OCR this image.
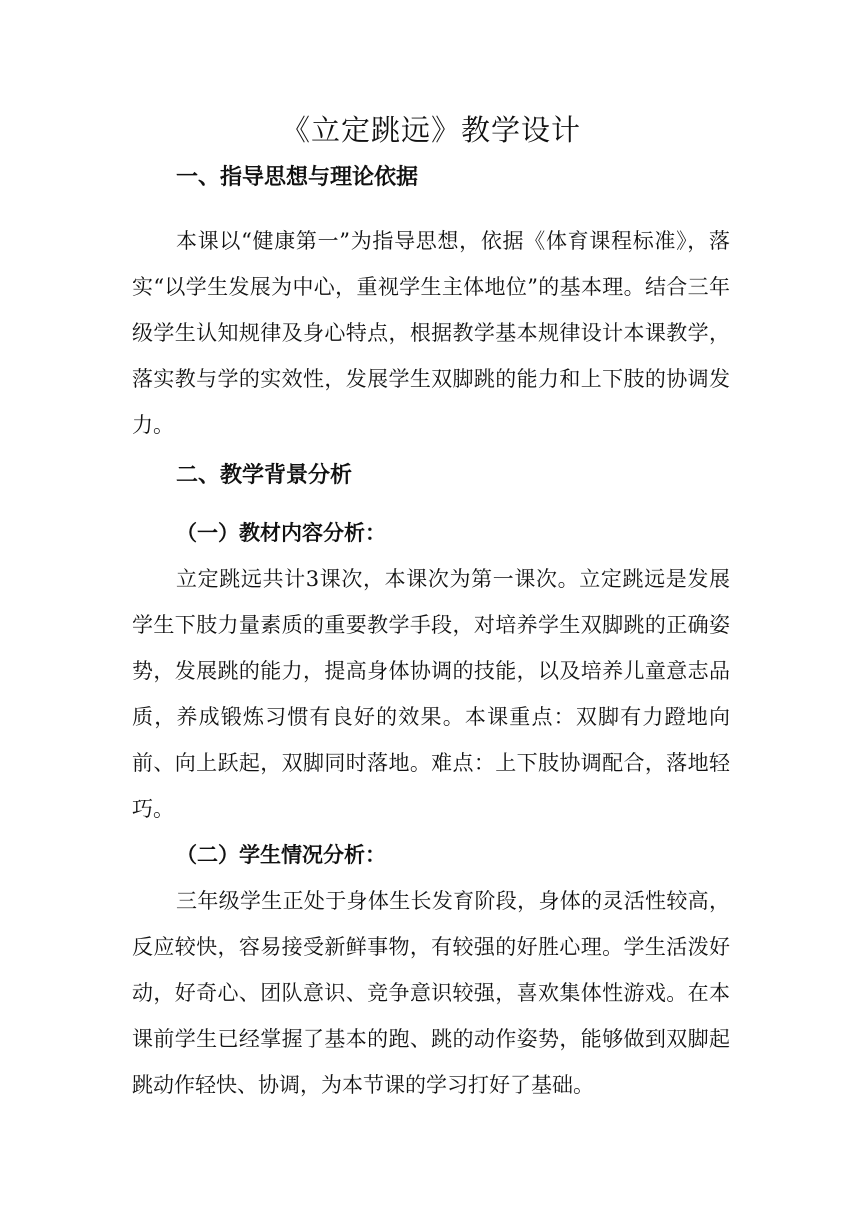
《立定跳远》教学设计
一、指导思想与理论依据

本课以“健康第一”为指导思想，依据《体育课程标准》，落实“以学生发展为中心，重视学生主体地位”的基本理。结合三年级学生认知规律及身心特点，根据教学基本规律设计本课教学，落实教与学的实效性，发展学生双脚跳的能力和上下肢的协调发力。

二、教学背景分析
（一）教材内容分析：

立定跳远共计3课次，本课次为第一课次。立定跳远是发展学生下肢力量素质的重要教学手段，对培养学生双脚跳的正确姿势，发展跳的能力，提高身体协调的技能，以及培养儿童意志品质，养成锻炼习惯有良好的效果。本课重点：双脚有力蹬地向前、向上跃起，双脚同时落地。难点：上下肢协调配合，落地轻巧。

（二）学生情况分析：

三年级学生正处于身体生长发育阶段，身体的灵活性较高，反应较快，容易接受新鲜事物，有较强的好胜心理。学生活泼好动，好奇心、团队意识、竞争意识较强，喜欢集体性游戏。在本课前学生已经掌握了基本的跑、跳的动作姿势，能够做到双脚起跳动作轻快、协调，为本节课的学习打好了基础。
